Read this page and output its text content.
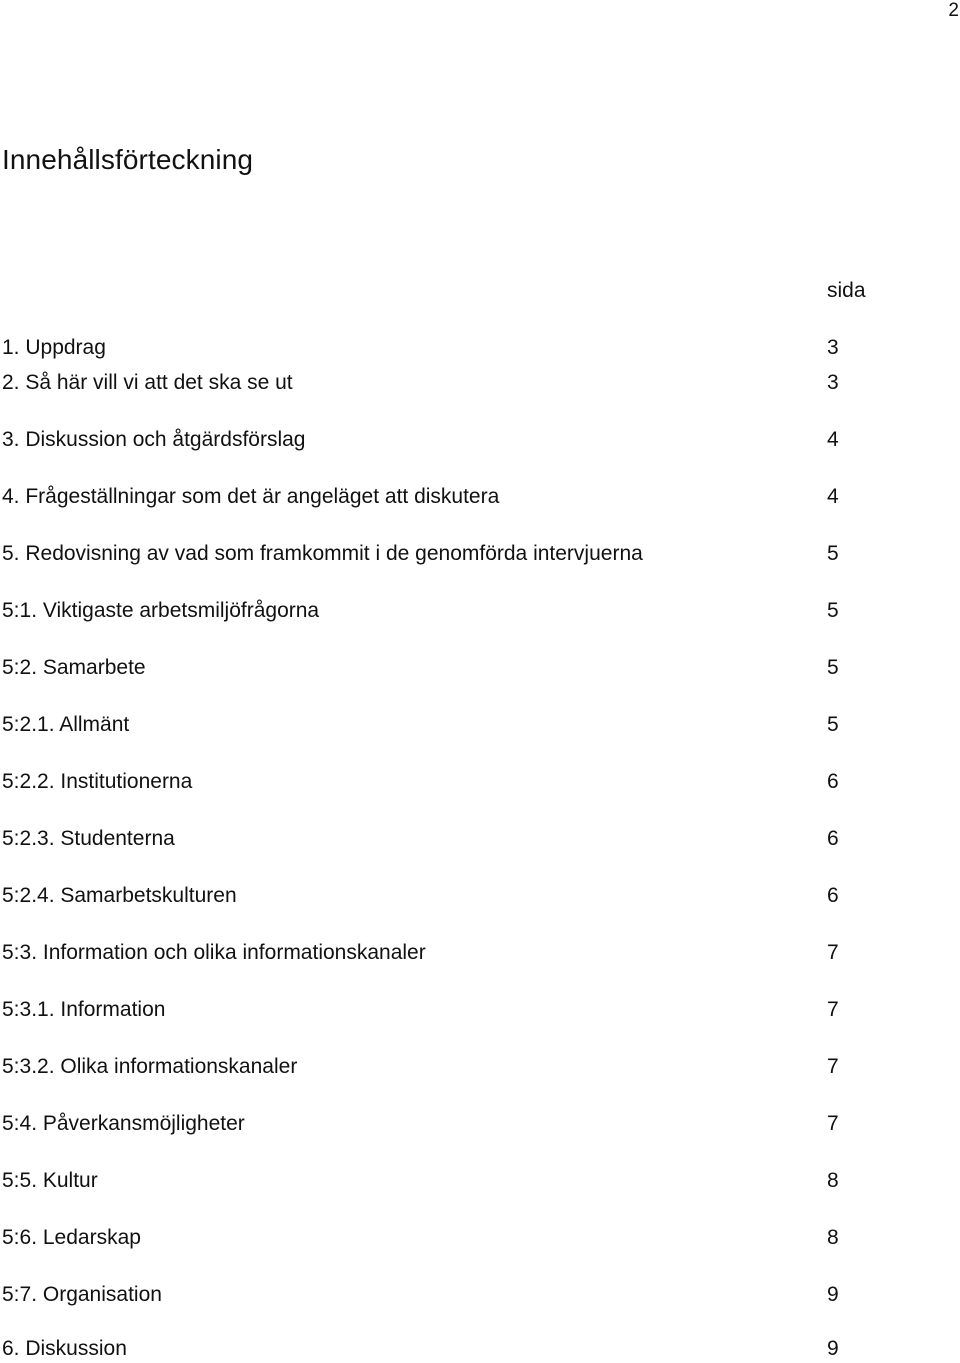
2
Innehållsförteckning
sida
1. Uppdrag	3
2. Så här vill vi att det ska se ut	3
3. Diskussion och åtgärdsförslag	4
4. Frågeställningar som det är angeläget att diskutera	4
5. Redovisning av vad som framkommit i de genomförda intervjuerna	5
5:1. Viktigaste arbetsmiljöfrågorna	5
5:2. Samarbete	5
5:2.1. Allmänt	5
5:2.2. Institutionerna	6
5:2.3. Studenterna	6
5:2.4. Samarbetskulturen	6
5:3. Information och olika informationskanaler	7
5:3.1. Information	7
5:3.2. Olika informationskanaler	7
5:4. Påverkansmöjligheter	7
5:5. Kultur	8
5:6. Ledarskap	8
5:7. Organisation	9
6. Diskussion	9
